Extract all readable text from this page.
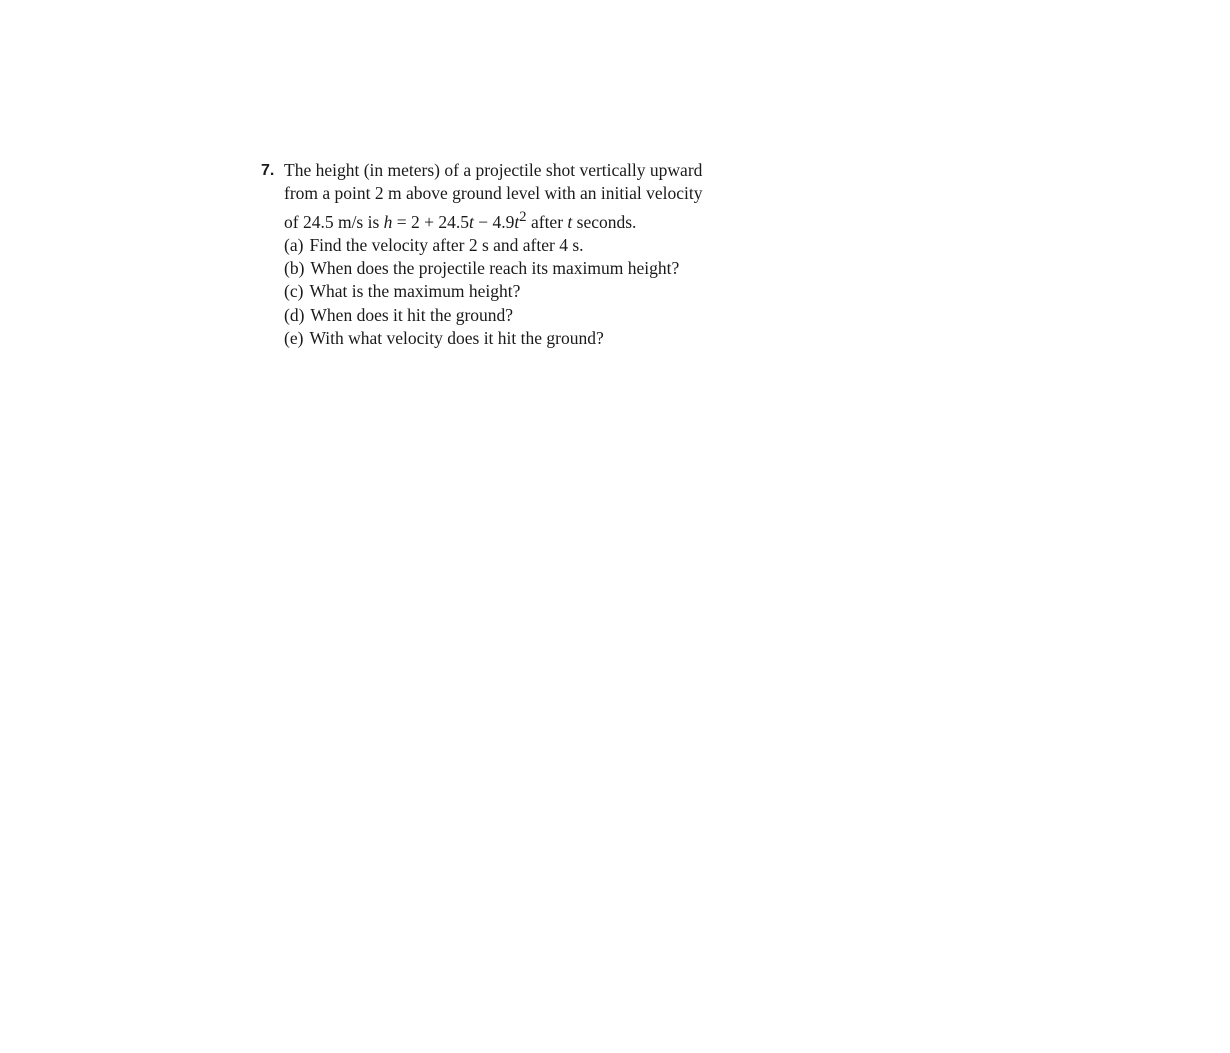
7. The height (in meters) of a projectile shot vertically upward
from a point 2 m above ground level with an initial velocity
of 24.5 m/s is $h = 2 + 24.5t - 4.9t^2$ after t seconds.
(a) Find the velocity after 2 s and after 4 s.
(b) When does the projectile reach its maximum height?
(c) What is the maximum height?
(d) When does it hit the ground?
(e) With what velocity does it hit the ground?
